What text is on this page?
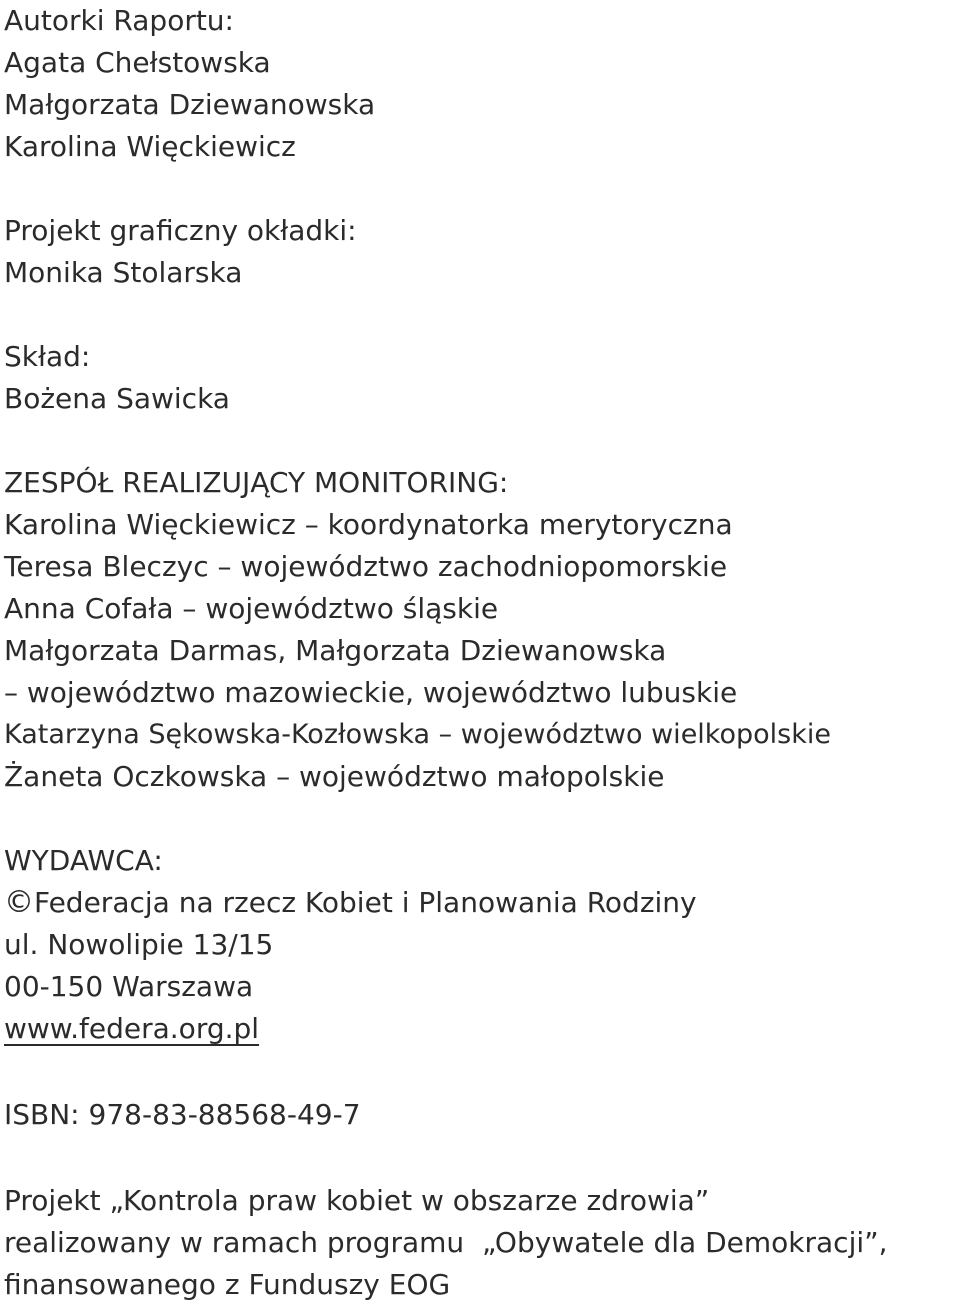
Autorki Raportu:
Agata Chełstowska
Małgorzata Dziewanowska
Karolina Więckiewicz
Projekt graficzny okładki:
Monika Stolarska
Skład:
Bożena Sawicka
ZESPÓŁ REALIZUJĄCY MONITORING:
Karolina Więckiewicz – koordynatorka merytoryczna
Teresa Bleczyc – województwo zachodniopomorskie
Anna Cofała – województwo śląskie
Małgorzata Darmas, Małgorzata Dziewanowska
– województwo mazowieckie, województwo lubuskie
Katarzyna Sękowska-Kozłowska – województwo wielkopolskie
Żaneta Oczkowska – województwo małopolskie
WYDAWCA:
©Federacja na rzecz Kobiet i Planowania Rodziny
ul. Nowolipie 13/15
00-150 Warszawa
www.federa.org.pl
ISBN: 978-83-88568-49-7
Projekt „Kontrola praw kobiet w obszarze zdrowia”
realizowany w ramach programu  „Obywatele dla Demokracji”,
finansowanego z Funduszy EOG
